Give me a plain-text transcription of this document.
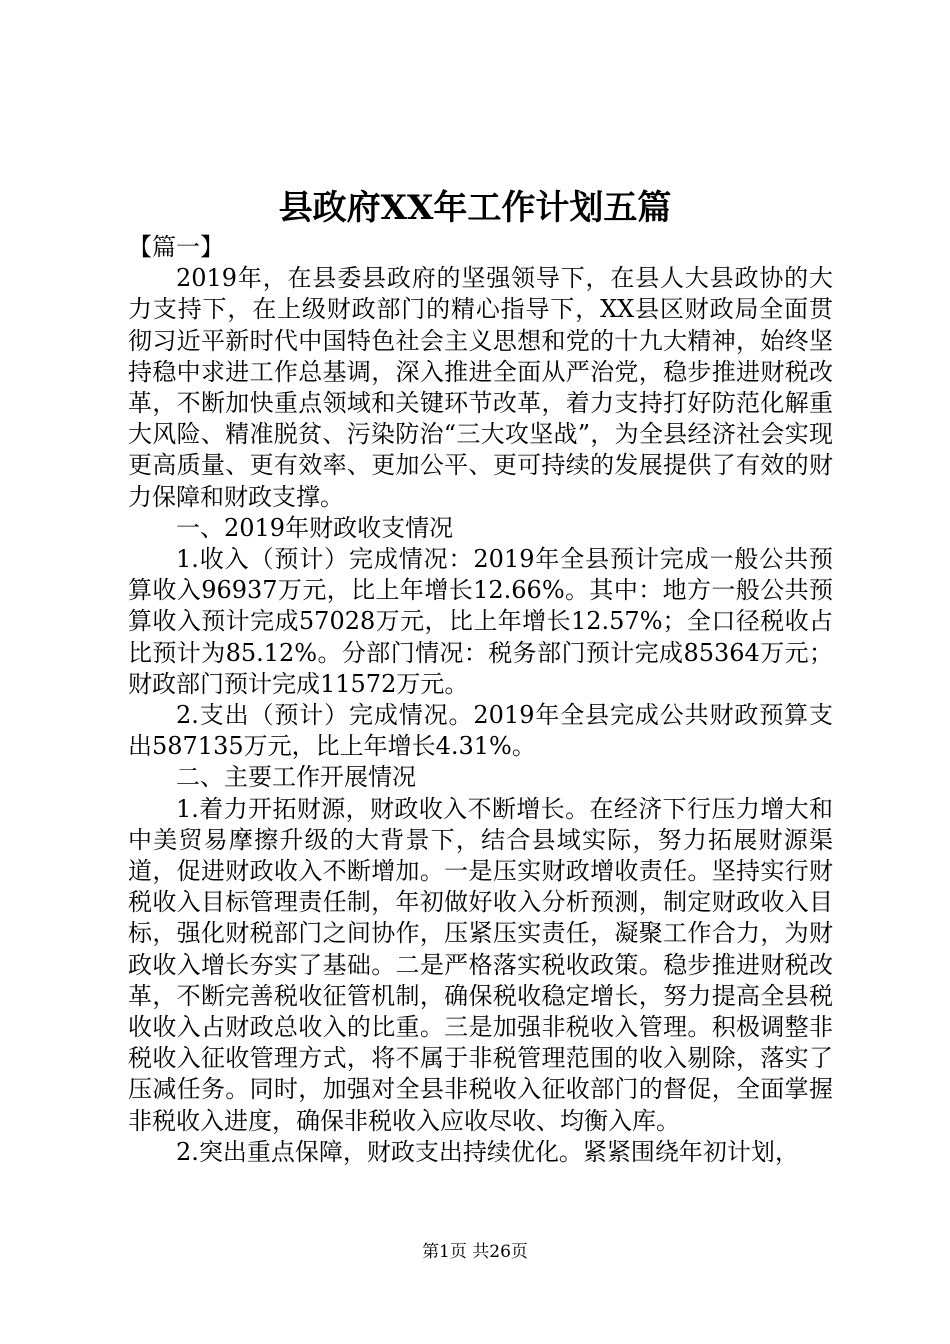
县政府XX年工作计划五篇

【篇一】

2019年，在县委县政府的坚强领导下，在县人大县政协的大力支持下，在上级财政部门的精心指导下，XX县区财政局全面贯彻习近平新时代中国特色社会主义思想和党的十九大精神，始终坚持稳中求进工作总基调，深入推进全面从严治党，稳步推进财税改革，不断加快重点领域和关键环节改革，着力支持打好防范化解重大风险、精准脱贫、污染防治“三大攻坚战”，为全县经济社会实现更高质量、更有效率、更加公平、更可持续的发展提供了有效的财力保障和财政支撑。

一、2019年财政收支情况

1.收入（预计）完成情况：2019年全县预计完成一般公共预算收入96937万元，比上年增长12.66%。其中：地方一般公共预算收入预计完成57028万元，比上年增长12.57%；全口径税收占比预计为85.12%。分部门情况：税务部门预计完成85364万元；财政部门预计完成11572万元。

2.支出（预计）完成情况。2019年全县完成公共财政预算支出587135万元，比上年增长4.31%。

二、主要工作开展情况

1.着力开拓财源，财政收入不断增长。在经济下行压力增大和中美贸易摩擦升级的大背景下，结合县域实际，努力拓展财源渠道，促进财政收入不断增加。一是压实财政增收责任。坚持实行财税收入目标管理责任制，年初做好收入分析预测，制定财政收入目标，强化财税部门之间协作，压紧压实责任，凝聚工作合力，为财政收入增长夯实了基础。二是严格落实税收政策。稳步推进财税改革，不断完善税收征管机制，确保税收稳定增长，努力提高全县税收收入占财政总收入的比重。三是加强非税收入管理。积极调整非税收入征收管理方式，将不属于非税管理范围的收入剔除，落实了压减任务。同时，加强对全县非税收入征收部门的督促，全面掌握非税收入进度，确保非税收入应收尽收、均衡入库。

2.突出重点保障，财政支出持续优化。紧紧围绕年初计划，

第1页 共26页
